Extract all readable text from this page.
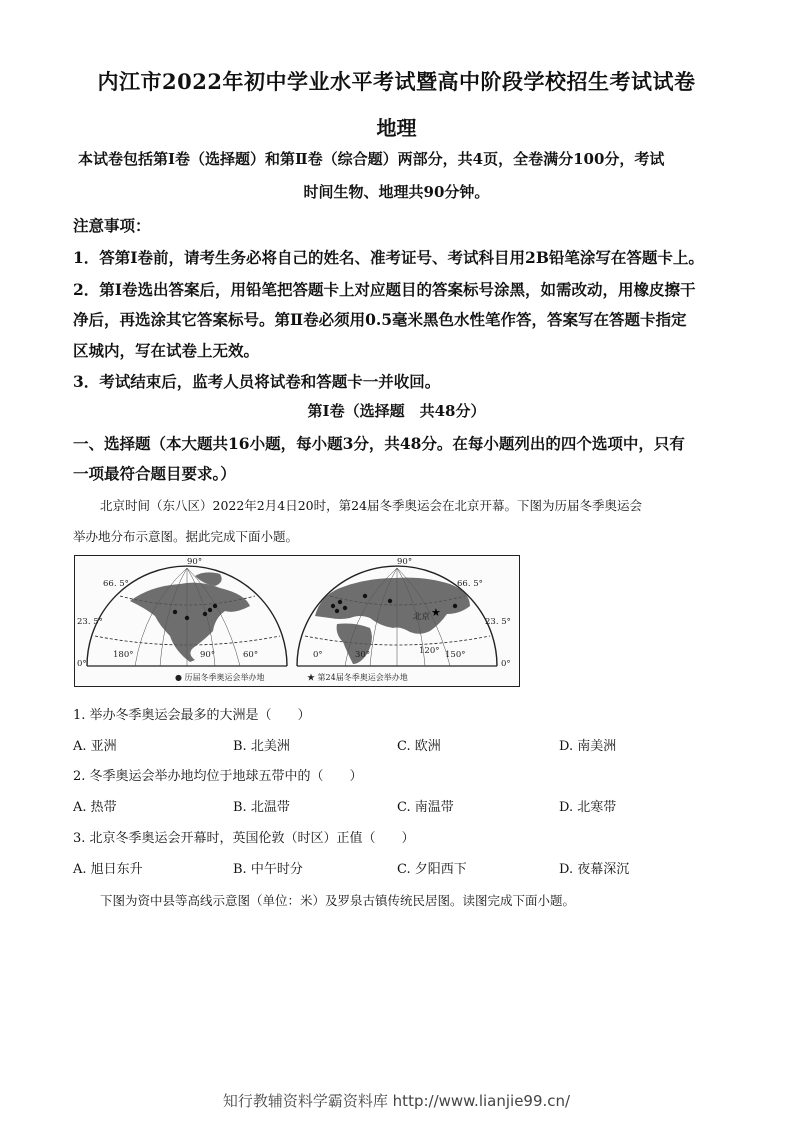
内江市2022年初中学业水平考试暨高中阶段学校招生考试试卷
地理
本试卷包括第Ⅰ卷（选择题）和第Ⅱ卷（综合题）两部分，共4页，全卷满分100分，考试
时间生物、地理共90分钟。
注意事项：
1．答第Ⅰ卷前，请考生务必将自己的姓名、准考证号、考试科目用2B铅笔涂写在答题卡上。
2．第Ⅰ卷选出答案后，用铅笔把答题卡上对应题目的答案标号涂黑，如需改动，用橡皮擦干
净后，再选涂其它答案标号。第Ⅱ卷必须用0.5毫米黑色水性笔作答，答案写在答题卡指定
区城内，写在试卷上无效。
3．考试结束后，监考人员将试卷和答题卡一并收回。
第Ⅰ卷（选择题　共48分）
一、选择题（本大题共16小题，每小题3分，共48分。在每小题列出的四个选项中，只有
一项最符合题目要求。）
北京时间（东八区）2022年2月4日20时，第24届冬季奥运会在北京开幕。下图为历届冬季奥运会
举办地分布示意图。据此完成下面小题。
90°
66. 5°
23. 5°
180°	90°	60°
0°
★
90°
66. 5°
23. 5°
北京
0°	30°	120° 150°
0°
● 历届冬季奥运会举办地	★ 第24届冬季奥运会举办地
1. 举办冬季奥运会最多的大洲是（　　）
A. 亚洲	B. 北美洲	C. 欧洲	D. 南美洲
2. 冬季奥运会举办地均位于地球五带中的（　　）
A. 热带	B. 北温带	C. 南温带	D. 北寒带
3. 北京冬季奥运会开幕时，英国伦敦（时区）正值（　　）
A. 旭日东升	B. 中午时分	C. 夕阳西下	D. 夜幕深沉
下图为资中县等高线示意图（单位：米）及罗泉古镇传统民居图。读图完成下面小题。
知行教辅资料学霸资料库 http://www.lianjie99.cn/
